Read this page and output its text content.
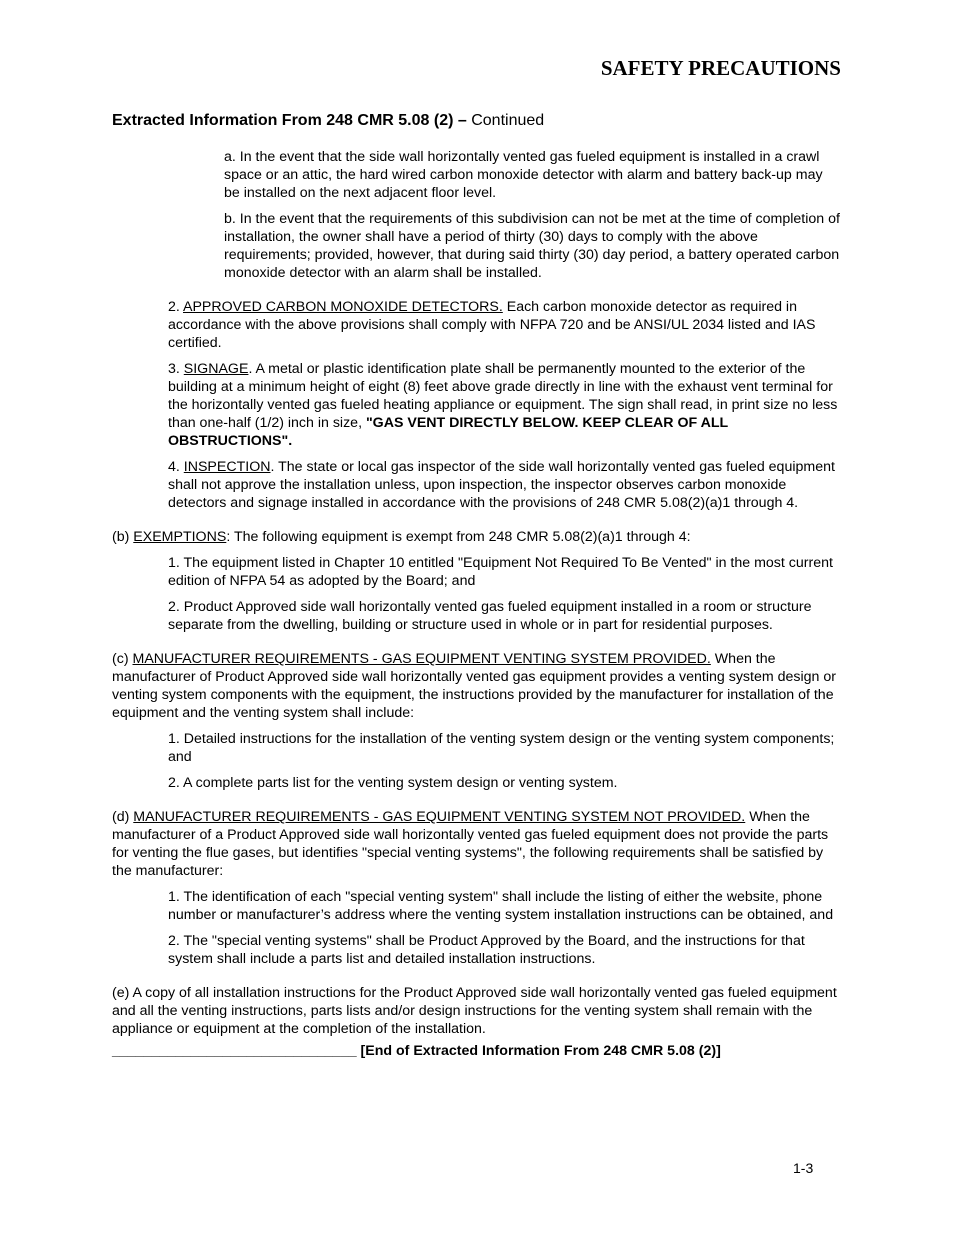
SAFETY PRECAUTIONS
Extracted Information From 248 CMR 5.08 (2) – Continued

a. In the event that the side wall horizontally vented gas fueled equipment is installed in a crawl space or an attic, the hard wired carbon monoxide detector with alarm and battery back-up may be installed on the next adjacent floor level.

b. In the event that the requirements of this subdivision can not be met at the time of completion of installation, the owner shall have a period of thirty (30) days to comply with the above requirements; provided, however, that during said thirty (30) day period, a battery operated carbon monoxide detector with an alarm shall be installed.

2. APPROVED CARBON MONOXIDE DETECTORS. Each carbon monoxide detector as required in accordance with the above provisions shall comply with NFPA 720 and be ANSI/UL 2034 listed and IAS certified.

3. SIGNAGE. A metal or plastic identification plate shall be permanently mounted to the exterior of the building at a minimum height of eight (8) feet above grade directly in line with the exhaust vent terminal for the horizontally vented gas fueled heating appliance or equipment. The sign shall read, in print size no less than one-half (1/2) inch in size, "GAS VENT DIRECTLY BELOW. KEEP CLEAR OF ALL OBSTRUCTIONS".

4. INSPECTION. The state or local gas inspector of the side wall horizontally vented gas fueled equipment shall not approve the installation unless, upon inspection, the inspector observes carbon monoxide detectors and signage installed in accordance with the provisions of 248 CMR 5.08(2)(a)1 through 4.

(b) EXEMPTIONS: The following equipment is exempt from 248 CMR 5.08(2)(a)1 through 4:

1. The equipment listed in Chapter 10 entitled "Equipment Not Required To Be Vented" in the most current edition of NFPA 54 as adopted by the Board; and

2. Product Approved side wall horizontally vented gas fueled equipment installed in a room or structure separate from the dwelling, building or structure used in whole or in part for residential purposes.

(c) MANUFACTURER REQUIREMENTS - GAS EQUIPMENT VENTING SYSTEM PROVIDED. When the manufacturer of Product Approved side wall horizontally vented gas equipment provides a venting system design or venting system components with the equipment, the instructions provided by the manufacturer for installation of the equipment and the venting system shall include:

1. Detailed instructions for the installation of the venting system design or the venting system components; and

2. A complete parts list for the venting system design or venting system.

(d) MANUFACTURER REQUIREMENTS - GAS EQUIPMENT VENTING SYSTEM NOT PROVIDED. When the manufacturer of a Product Approved side wall horizontally vented gas fueled equipment does not provide the parts for venting the flue gases, but identifies "special venting systems", the following requirements shall be satisfied by the manufacturer:

1. The identification of each "special venting system" shall include the listing of either the website, phone number or manufacturer’s address where the venting system installation instructions can be obtained, and

2. The "special venting systems" shall be Product Approved by the Board, and the instructions for that system shall include a parts list and detailed installation instructions.

(e) A copy of all installation instructions for the Product Approved side wall horizontally vented gas fueled equipment and all the venting instructions, parts lists and/or design instructions for the venting system shall remain with the appliance or equipment at the completion of the installation.

_______________________________ [End of Extracted Information From 248 CMR 5.08 (2)]

1-3
